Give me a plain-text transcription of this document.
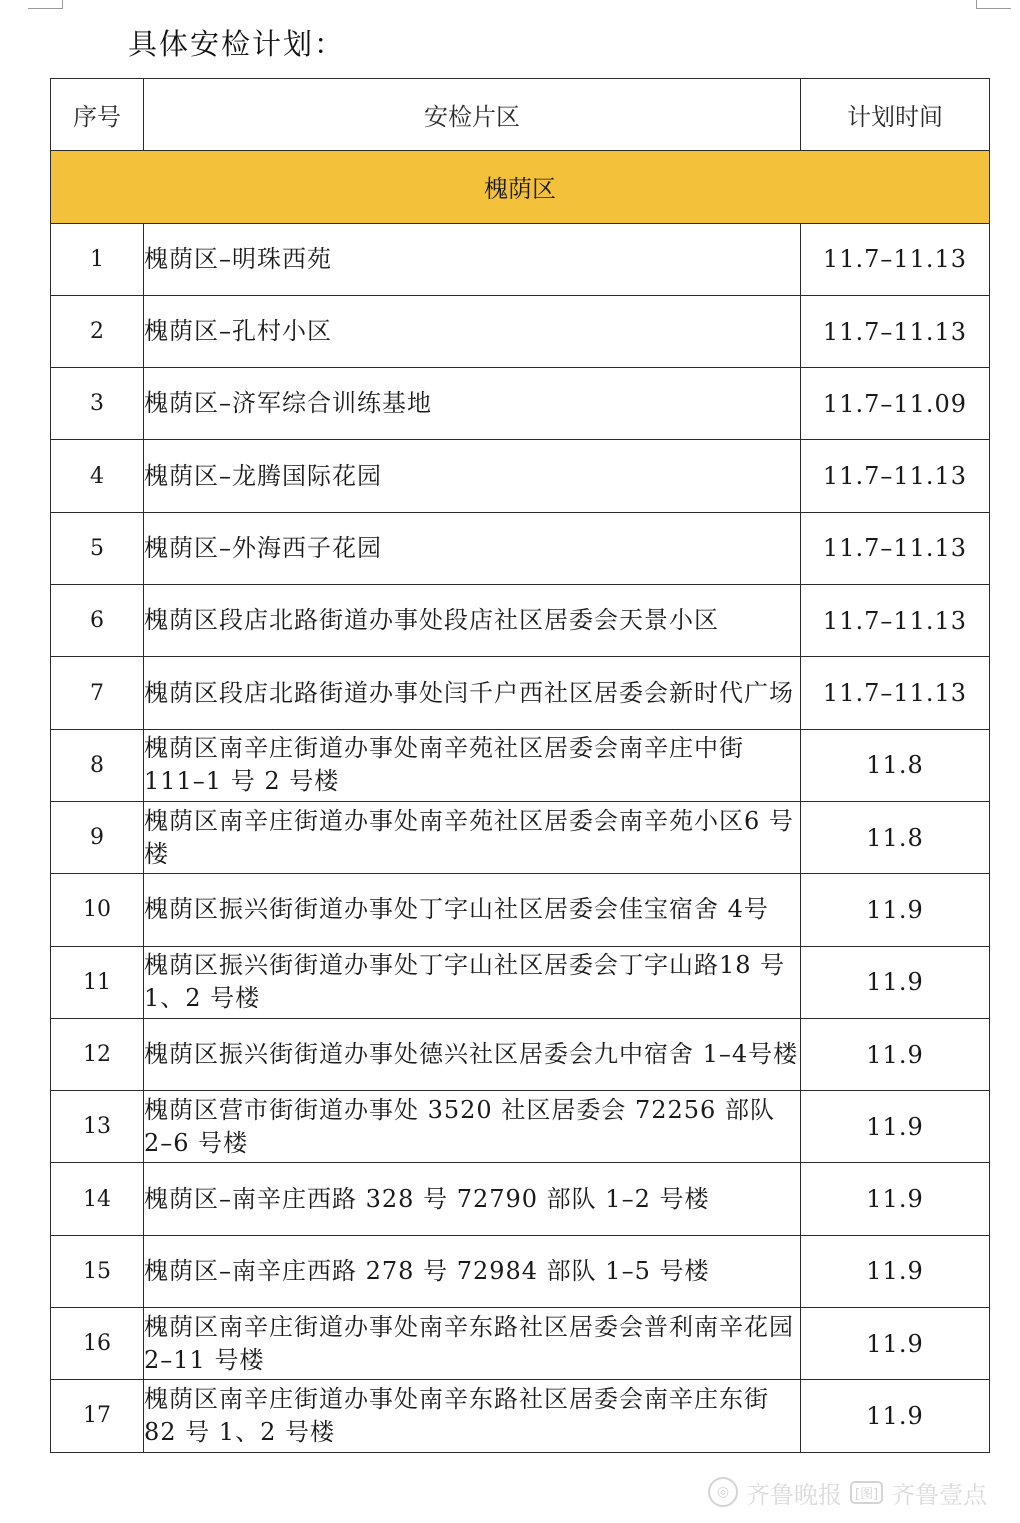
具体安检计划：
序号	安检片区	计划时间
槐荫区		
1	槐荫区–明珠西苑	11.7–11.13
2	槐荫区–孔村小区	11.7–11.13
3	槐荫区–济军综合训练基地	11.7–11.09
4	槐荫区–龙腾国际花园	11.7–11.13
5	槐荫区–外海西子花园	11.7–11.13
6	槐荫区段店北路街道办事处段店社区居委会天景小区	11.7–11.13
7	槐荫区段店北路街道办事处闫千户西社区居委会新时代广场	11.7–11.13
8	槐荫区南辛庄街道办事处南辛苑社区居委会南辛庄中街111–1 号 2 号楼	11.8
9	槐荫区南辛庄街道办事处南辛苑社区居委会南辛苑小区6 号楼	11.8
10	槐荫区振兴街街道办事处丁字山社区居委会佳宝宿舍 4号	11.9
11	槐荫区振兴街街道办事处丁字山社区居委会丁字山路18 号 1、2 号楼	11.9
12	槐荫区振兴街街道办事处德兴社区居委会九中宿舍 1–4号楼	11.9
13	槐荫区营市街街道办事处 3520 社区居委会 72256 部队2–6 号楼	11.9
14	槐荫区–南辛庄西路 328 号 72790 部队 1–2 号楼	11.9
15	槐荫区–南辛庄西路 278 号 72984 部队 1–5 号楼	11.9
16	槐荫区南辛庄街道办事处南辛东路社区居委会普利南辛花园 2–11 号楼	11.9
17	槐荫区南辛庄街道办事处南辛东路社区居委会南辛庄东街 82 号 1、2 号楼	11.9
◎ 齐鲁晚报	[图] 齐鲁壹点
